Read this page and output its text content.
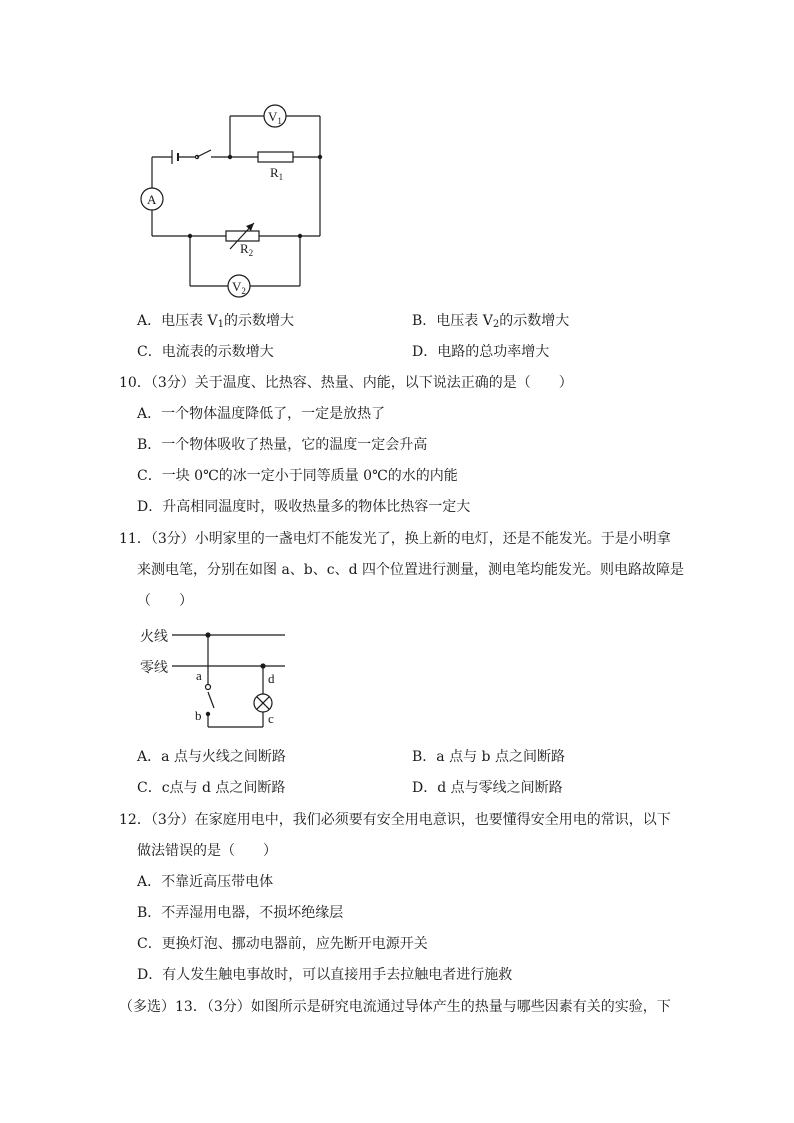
$V_1$
$R_1$
A
$R_2$
$V_2$
A．电压表 $V_1$的示数增大	B．电压表 $V_2$的示数增大
C．电流表的示数增大	D．电路的总功率增大
10．（3分）关于温度、比热容、热量、内能，以下说法正确的是（　　）
A．一个物体温度降低了，一定是放热了
B．一个物体吸收了热量，它的温度一定会升高
C．一块 0℃的冰一定小于同等质量 0℃的水的内能
D．升高相同温度时，吸收热量多的物体比热容一定大
11．（3分）小明家里的一盏电灯不能发光了，换上新的电灯，还是不能发光。于是小明拿
来测电笔，分别在如图 a、b、c、d 四个位置进行测量，测电笔均能发光。则电路故障是
（　　）
火线
零线 a
b
d
c
A．a 点与火线之间断路	B．a 点与 b 点之间断路
C．c点与 d 点之间断路	D．d 点与零线之间断路
12．（3分）在家庭用电中，我们必须要有安全用电意识，也要懂得安全用电的常识，以下
做法错误的是（　　）
A．不靠近高压带电体
B．不弄湿用电器，不损坏绝缘层
C．更换灯泡、挪动电器前，应先断开电源开关
D．有人发生触电事故时，可以直接用手去拉触电者进行施救
（多选）13．（3分）如图所示是研究电流通过导体产生的热量与哪些因素有关的实验，下
